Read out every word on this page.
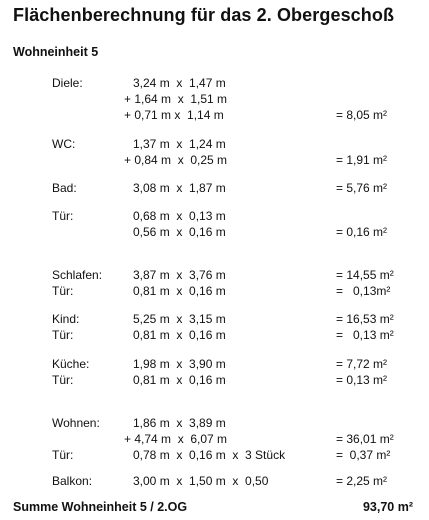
Flächenberechnung für das 2. Obergeschoß
Wohneinheit 5
Diele:	3,24 m  x  1,47 m
+ 1,64 m  x  1,51 m
+ 0,71 m x  1,14 m	= 8,05 m²
WC:	1,37 m  x  1,24 m
+ 0,84 m  x  0,25 m	= 1,91 m²
Bad:	3,08 m  x  1,87 m	= 5,76 m²
Tür:	0,68 m  x  0,13 m
0,56 m  x  0,16 m	= 0,16 m²
Schlafen:	3,87 m  x  3,76 m	= 14,55 m²
Tür:	0,81 m  x  0,16 m	=   0,13m²
Kind:	5,25 m  x  3,15 m	= 16,53 m²
Tür:	0,81 m  x  0,16 m	=   0,13 m²
Küche:	1,98 m  x  3,90 m	= 7,72 m²
Tür:	0,81 m  x  0,16 m	= 0,13 m²
Wohnen:	1,86 m  x  3,89 m
+ 4,74 m  x  6,07 m	= 36,01 m²
Tür:	0,78 m  x  0,16 m  x  3 Stück	=  0,37 m²
Balkon:	3,00 m  x  1,50 m  x  0,50	= 2,25 m²
Summe Wohneinheit 5 / 2.OG	93,70 m²
